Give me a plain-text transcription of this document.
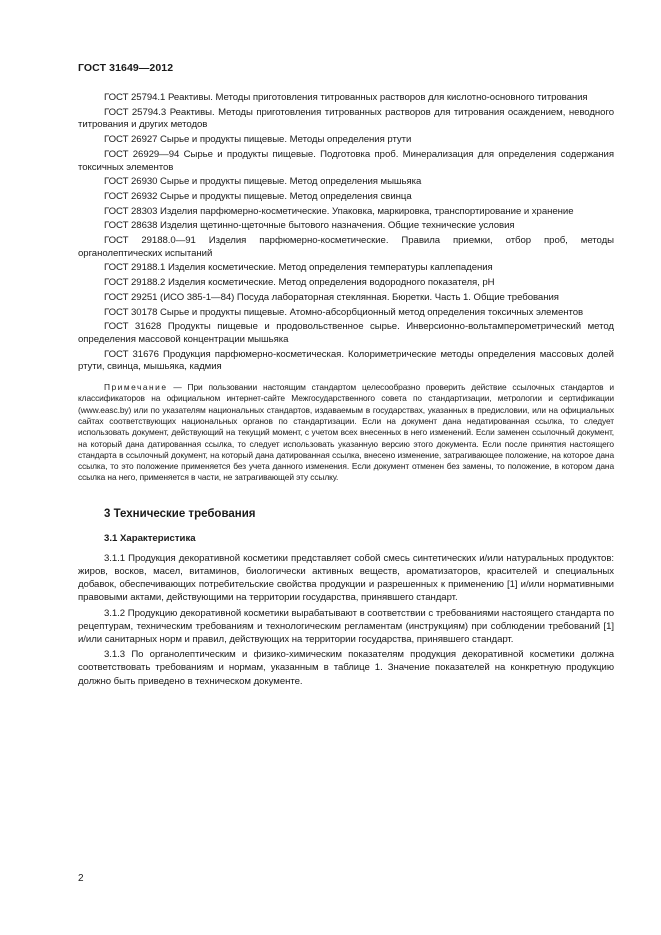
ГОСТ 31649—2012

ГОСТ 25794.1 Реактивы. Методы приготовления титрованных растворов для кислотно-основного титрования

ГОСТ 25794.3 Реактивы. Методы приготовления титрованных растворов для титрования осаждением, неводного титрования и других методов

ГОСТ 26927 Сырье и продукты пищевые. Методы определения ртути

ГОСТ 26929—94 Сырье и продукты пищевые. Подготовка проб. Минерализация для определения содержания токсичных элементов

ГОСТ 26930 Сырье и продукты пищевые. Метод определения мышьяка

ГОСТ 26932 Сырье и продукты пищевые. Метод определения свинца

ГОСТ 28303 Изделия парфюмерно-косметические. Упаковка, маркировка, транспортирование и хранение

ГОСТ 28638 Изделия щетинно-щеточные бытового назначения. Общие технические условия

ГОСТ 29188.0—91 Изделия парфюмерно-косметические. Правила приемки, отбор проб, методы органолептических испытаний

ГОСТ 29188.1 Изделия косметические. Метод определения температуры каплепадения

ГОСТ 29188.2 Изделия косметические. Метод определения водородного показателя, pH

ГОСТ 29251 (ИСО 385-1—84) Посуда лабораторная стеклянная. Бюретки. Часть 1. Общие требования

ГОСТ 30178 Сырье и продукты пищевые. Атомно-абсорбционный метод определения токсичных элементов

ГОСТ 31628 Продукты пищевые и продовольственное сырье. Инверсионно-вольтамперометрический метод определения массовой концентрации мышьяка

ГОСТ 31676 Продукция парфюмерно-косметическая. Колориметрические методы определения массовых долей ртути, свинца, мышьяка, кадмия

Примечание — При пользовании настоящим стандартом целесообразно проверить действие ссылочных стандартов и классификаторов на официальном интернет-сайте Межгосударственного совета по стандартизации, метрологии и сертификации (www.easc.by) или по указателям национальных стандартов, издаваемым в государствах, указанных в предисловии, или на официальных сайтах соответствующих национальных органов по стандартизации. Если на документ дана недатированная ссылка, то следует использовать документ, действующий на текущий момент, с учетом всех внесенных в него изменений. Если заменен ссылочный документ, на который дана датированная ссылка, то следует использовать указанную версию этого документа. Если после принятия настоящего стандарта в ссылочный документ, на который дана датированная ссылка, внесено изменение, затрагивающее положение, на которое дана ссылка, то это положение применяется без учета данного изменения. Если документ отменен без замены, то положение, в котором дана ссылка на него, применяется в части, не затрагивающей эту ссылку.

3 Технические требования
3.1 Характеристика

3.1.1 Продукция декоративной косметики представляет собой смесь синтетических и/или натуральных продуктов: жиров, восков, масел, витаминов, биологически активных веществ, ароматизаторов, красителей и специальных добавок, обеспечивающих потребительские свойства продукции и разрешенных к применению [1] и/или нормативными правовыми актами, действующими на территории государства, принявшего стандарт.

3.1.2 Продукцию декоративной косметики вырабатывают в соответствии с требованиями настоящего стандарта по рецептурам, техническим требованиям и технологическим регламентам (инструкциям) при соблюдении требований [1] и/или санитарных норм и правил, действующих на территории государства, принявшего стандарт.

3.1.3 По органолептическим и физико-химическим показателям продукция декоративной косметики должна соответствовать требованиям и нормам, указанным в таблице 1. Значение показателей на конкретную продукцию должно быть приведено в техническом документе.

2
